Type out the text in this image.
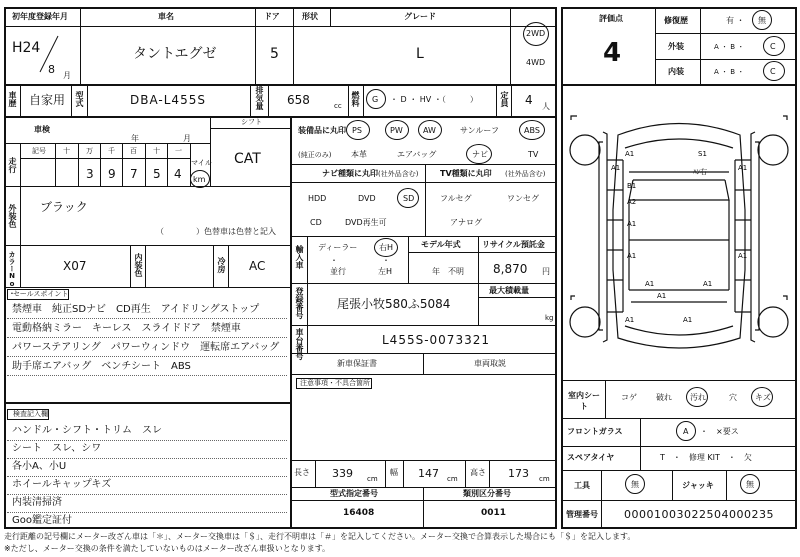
初年度登録年月
H24
8 月
車名
タントエグゼ
ドア
5
形状	グレード
L
2WD
4WD
車歴 自家用 型式	DBA-L455S	排気量 658	cc 燃料 G ・ D ・ HV ・（　　　）	定員 4 人
車検
年	月
シフト
CAT
走行
記号 十 万 千 百 十 一
3 9 7 5 4
マイル
km
外装色 ブラック
（　　　　）色替車は色替と記入
カラーNo.	X07	内装色	冷房 AC
セールスポイント
禁煙車　純正SDナビ　CD再生　アイドリングストップ
電動格納ミラー　キーレス　スライドドア　禁煙車
パワーステアリング　パワーウィンドウ　運転席エアバッグ
助手席エアバッグ　ベンチシート　ABS
検査記入欄
ハンドル・シフト・トリム　スレ
シート　スレ、シワ
各小A、小U
ホイールキャップキズ
内装清掃済
Goo鑑定証付
装備品に丸印
(純正のみ)
PS	PW	AW	サンルーフ	ABS
本革	エアバッグ	ナビ	TV
ナビ種類に丸印 (社外品含む)
HDD	DVD	SD
CD	DVD再生可
TV種類に丸印 (社外品含む)
フルセグ	ワンセグ
アナログ
輸入車 ディーラー
・
並行
右H
・
左H
モデル年式
年　不明
リサイクル預託金
8,870 円
登録番号	尾張小牧580ふ5084
最大積載量
kg
車台番号	L455S-0073321
新車保証書	車両取説
注意事項・不具合箇所
長さ 339 cm
幅 147 cm
高さ 173 cm
型式指定番号	類別区分番号
16408	0011
評価点
4
修復歴	有 ・ 無
外装	A ・ B ・	C
内装	A ・ B ・	C
A1	S1
A1	A1
ﾊﾝ右
B1
A2
A1
A1	A1
A1	A1
A1
A1	A1
室内シート
コゲ 破れ 汚れ	穴 キズ
フロントガラス	A ・　×要ス
スペアタイヤ	T　・　修理 KIT　・　欠
工具	無	ジャッキ	無
管理番号 00001003022504000235
走行距離の記号欄にメーター改ざん車は「＊」、メーター交換車は「＄」、走行不明車は「＃」を記入してください。メーター交換で合算表示した場合にも「＄」を記入します。
※ただし、メーター交換の条件を満たしていないものはメーター改ざん車扱いとなります。
